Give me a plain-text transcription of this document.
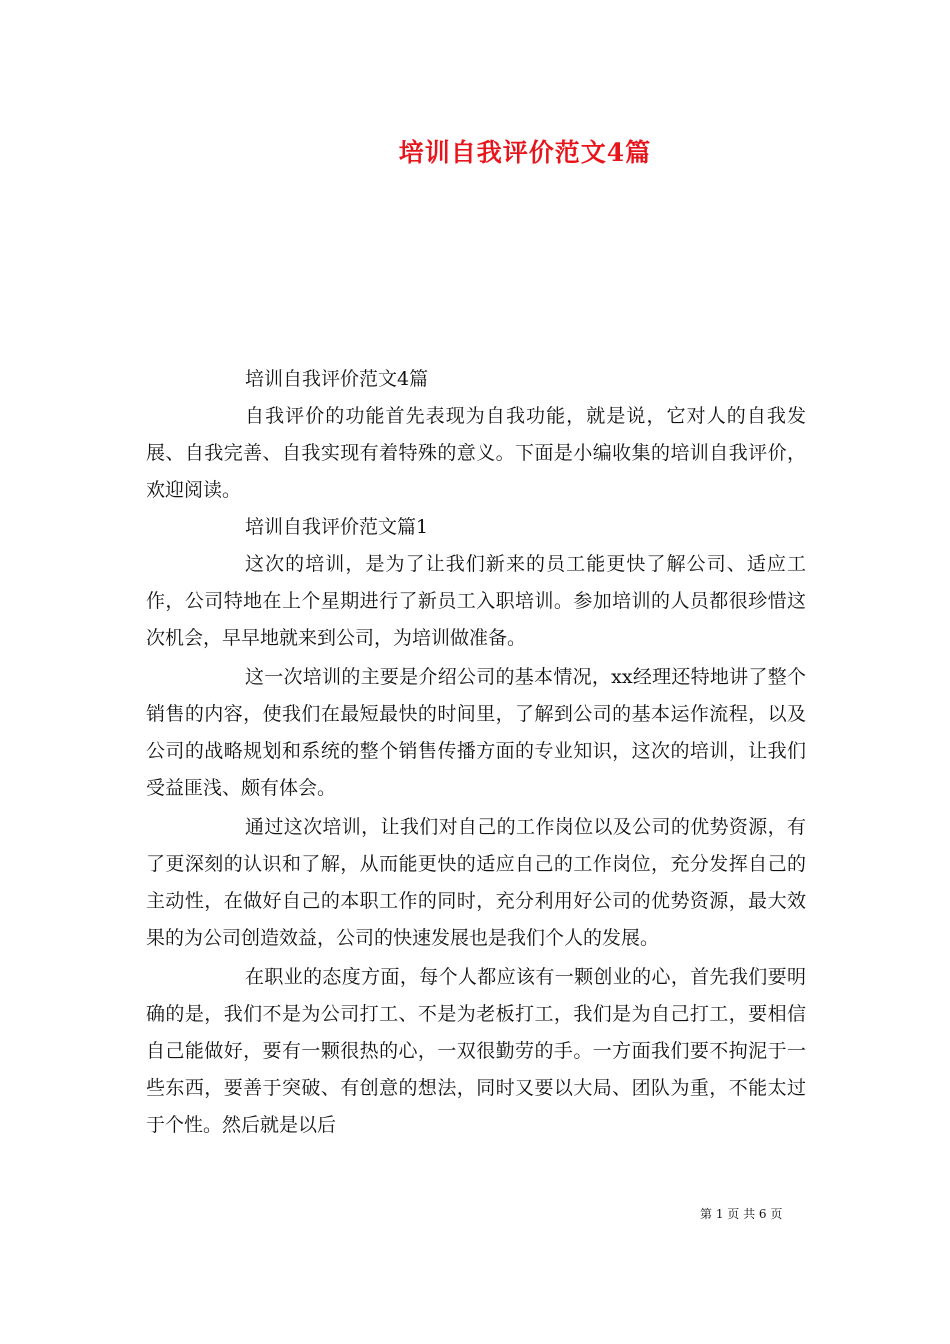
培训自我评价范文4篇

培训自我评价范文4篇

自我评价的功能首先表现为自我功能，就是说，它对人的自我发展、自我完善、自我实现有着特殊的意义。下面是小编收集的培训自我评价，欢迎阅读。

培训自我评价范文篇1

这次的培训，是为了让我们新来的员工能更快了解公司、适应工作，公司特地在上个星期进行了新员工入职培训。参加培训的人员都很珍惜这次机会，早早地就来到公司，为培训做准备。

这一次培训的主要是介绍公司的基本情况，xx经理还特地讲了整个销售的内容，使我们在最短最快的时间里，了解到公司的基本运作流程，以及公司的战略规划和系统的整个销售传播方面的专业知识，这次的培训，让我们受益匪浅、颇有体会。

通过这次培训，让我们对自己的工作岗位以及公司的优势资源，有了更深刻的认识和了解，从而能更快的适应自己的工作岗位，充分发挥自己的主动性，在做好自己的本职工作的同时，充分利用好公司的优势资源，最大效果的为公司创造效益，公司的快速发展也是我们个人的发展。

在职业的态度方面，每个人都应该有一颗创业的心，首先我们要明确的是，我们不是为公司打工、不是为老板打工，我们是为自己打工，要相信自己能做好，要有一颗很热的心，一双很勤劳的手。一方面我们要不拘泥于一些东西，要善于突破、有创意的想法，同时又要以大局、团队为重，不能太过于个性。然后就是以后

第 1 页 共 6 页
